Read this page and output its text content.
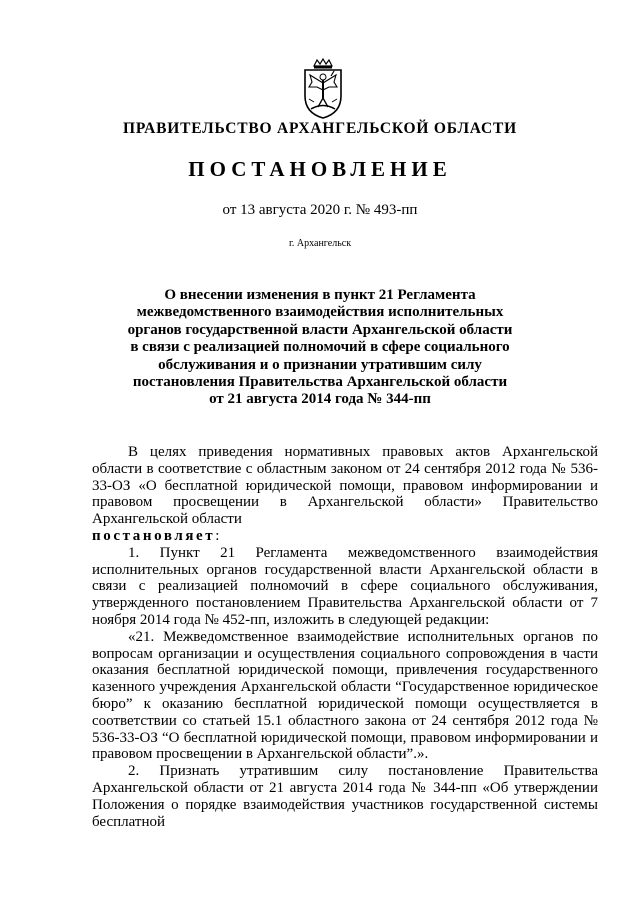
ПРАВИТЕЛЬСТВО АРХАНГЕЛЬСКОЙ ОБЛАСТИ
ПОСТАНОВЛЕНИЕ
от 13 августа 2020 г. № 493-пп
г. Архангельск
О внесении изменения в пункт 21 Регламента
межведомственного взаимодействия исполнительных
органов государственной власти Архангельской области
в связи с реализацией полномочий в сфере социального
обслуживания и о признании утратившим силу
постановления Правительства Архангельской области
от 21 августа 2014 года № 344-пп

В целях приведения нормативных правовых актов Архангельской области в соответствие с областным законом от 24 сентября 2012 года № 536-33-ОЗ «О бесплатной юридической помощи, правовом информировании и правовом просвещении в Архангельской области» Правительство Архангельской области

постановляет:

1. Пункт 21 Регламента межведомственного взаимодействия исполнительных органов государственной власти Архангельской области в связи с реализацией полномочий в сфере социального обслуживания, утвержденного постановлением Правительства Архангельской области от 7 ноября 2014 года № 452-пп, изложить в следующей редакции:

«21. Межведомственное взаимодействие исполнительных органов по вопросам организации и осуществления социального сопровождения в части оказания бесплатной юридической помощи, привлечения государственного казенного учреждения Архангельской области “Государственное юридическое бюро” к оказанию бесплатной юридической помощи осуществляется в соответствии со статьей 15.1 областного закона от 24 сентября 2012 года № 536-33-ОЗ “О бесплатной юридической помощи, правовом информировании и правовом просвещении в Архангельской области”.».

2. Признать утратившим силу постановление Правительства Архангельской области от 21 августа 2014 года № 344-пп «Об утверждении Положения о порядке взаимодействия участников государственной системы бесплатной
